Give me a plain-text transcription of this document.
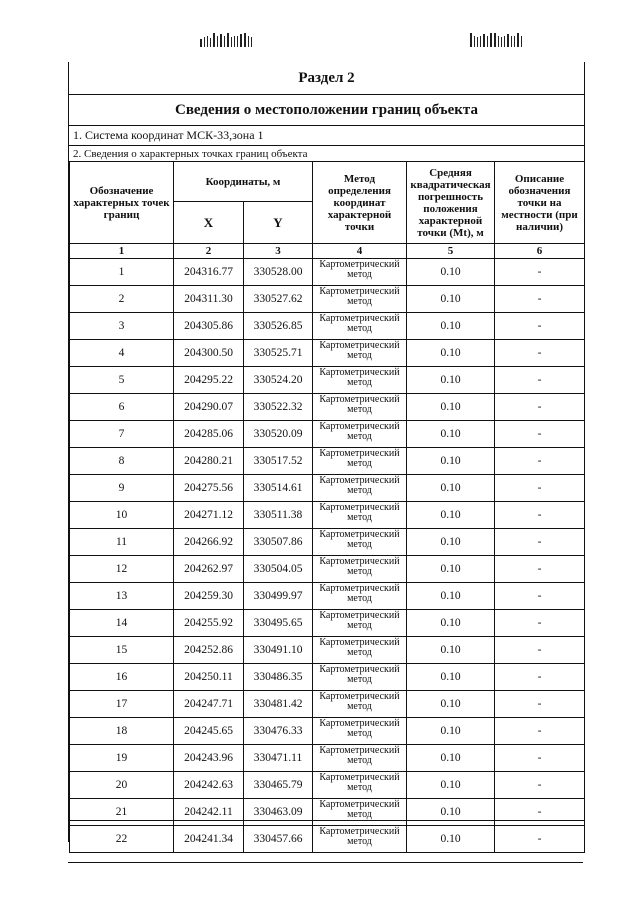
Раздел 2
Сведения о местоположении границ объекта
1. Система координат МСК-33,зона 1
2. Сведения о характерных точках границ объекта
Обозначение характерных точек границ	Координаты, м		Метод определения координат характерной точки	Средняя квадратическая погрешность положения характерной точки (Mt), м	Описание обозначения точки на местности (при наличии)
	X	Y			
1	2	3	4	5	6
1	204316.77	330528.00	Картометрический метод	0.10	-
2	204311.30	330527.62	Картометрический метод	0.10	-
3	204305.86	330526.85	Картометрический метод	0.10	-
4	204300.50	330525.71	Картометрический метод	0.10	-
5	204295.22	330524.20	Картометрический метод	0.10	-
6	204290.07	330522.32	Картометрический метод	0.10	-
7	204285.06	330520.09	Картометрический метод	0.10	-
8	204280.21	330517.52	Картометрический метод	0.10	-
9	204275.56	330514.61	Картометрический метод	0.10	-
10	204271.12	330511.38	Картометрический метод	0.10	-
11	204266.92	330507.86	Картометрический метод	0.10	-
12	204262.97	330504.05	Картометрический метод	0.10	-
13	204259.30	330499.97	Картометрический метод	0.10	-
14	204255.92	330495.65	Картометрический метод	0.10	-
15	204252.86	330491.10	Картометрический метод	0.10	-
16	204250.11	330486.35	Картометрический метод	0.10	-
17	204247.71	330481.42	Картометрический метод	0.10	-
18	204245.65	330476.33	Картометрический метод	0.10	-
19	204243.96	330471.11	Картометрический метод	0.10	-
20	204242.63	330465.79	Картометрический метод	0.10	-
21	204242.11	330463.09	Картометрический метод	0.10	-
22	204241.34	330457.66	Картометрический метод	0.10	-
